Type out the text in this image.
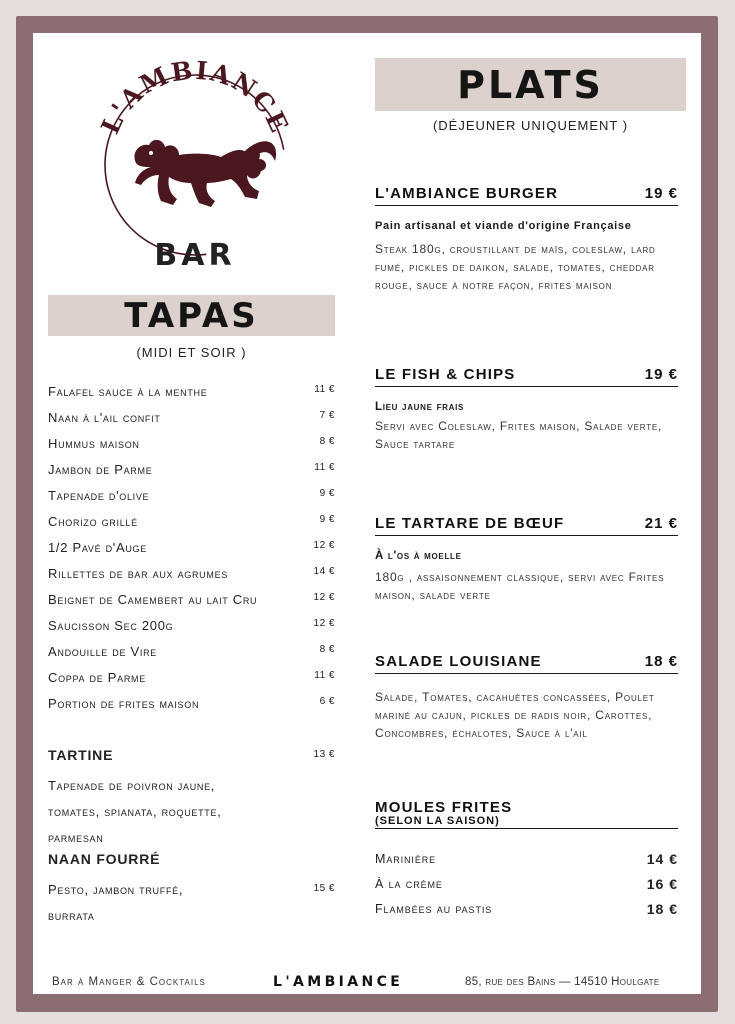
L'AMBIANCE
BAR
TAPAS
(MIDI ET SOIR )
Falafel sauce à la menthe	11 €
Naan à l'ail confit	7 €
Hummus maison	8 €
Jambon de Parme	11 €
Tapenade d'olive	9 €
Chorizo grillé	9 €
1/2 Pavé d'Auge	12 €
Rillettes de bar aux agrumes	14 €
Beignet de Camembert au lait Cru	12 €
Saucisson Sec 200g	12 €
Andouille de Vire	8 €
Coppa de Parme	11 €
Portion de frites maison	6 €
TARTINE	13 €
Tapenade de poivron jaune,
tomates, spianata, roquette,
parmesan
NAAN FOURRÉ
Pesto, jambon truffé,	15 €
burrata
PLATS
(DÉJEUNER UNIQUEMENT )
L'AMBIANCE BURGER	19 €
Pain artisanal et viande d'origine Française
Steak 180g, croustillant de maïs, coleslaw, lard fumé, pickles de daikon, salade, tomates, cheddar rouge, sauce à notre façon, frites maison
LE FISH & CHIPS	19 €
Lieu jaune frais
Servi avec Coleslaw, Frites maison, Salade verte, Sauce tartare
LE TARTARE DE BŒUF	21 €
À l'os à moelle
180g , assaisonnement classique, servi avec Frites maison, salade verte
SALADE LOUISIANE	18 €
Salade, Tomates, cacahuètes concassées, Poulet mariné au cajun, pickles de radis noir, Carottes, Concombres, échalotes, Sauce à l'ail
MOULES FRITES
(SELON LA SAISON)
Marinière	14 €
À la crème	16 €
Flambées au pastis	18 €
Bar à Manger & Cocktails	L'AMBIANCE	85, rue des Bains — 14510 Houlgate
